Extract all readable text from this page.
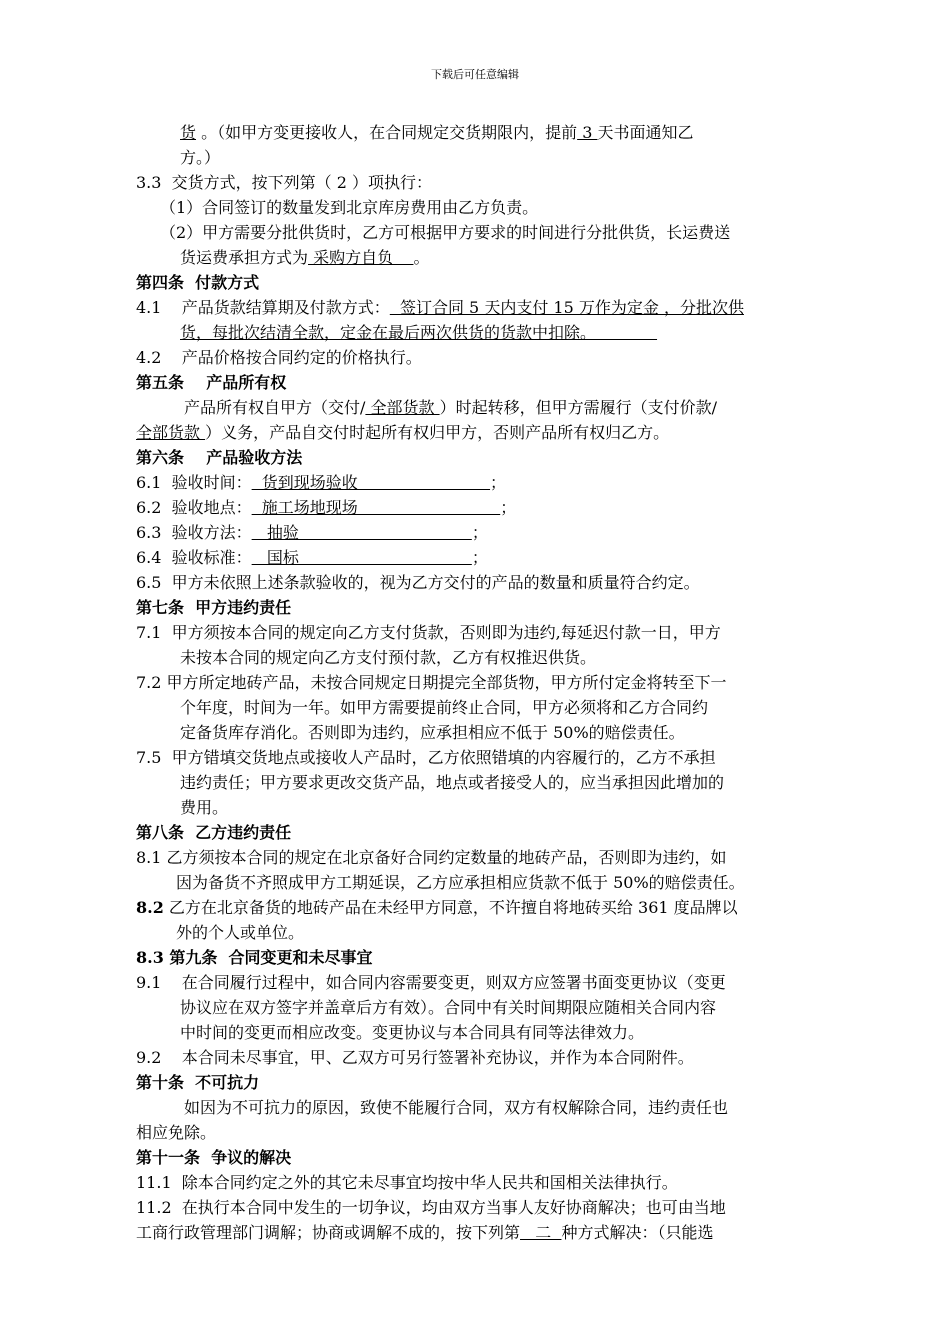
下载后可任意编辑
货 。（如甲方变更接收人，在合同规定交货期限内，提前 3 天书面通知乙
方。）
3.3  交货方式，按下列第（ 2 ）项执行：
（1）合同签订的数量发到北京库房费用由乙方负责。
（2）甲方需要分批供货时，乙方可根据甲方要求的时间进行分批供货，长运费送
货运费承担方式为 采购方自负    。
第四条  付款方式
4.1    产品货款结算期及付款方式：  签订合同 5 天内支付 15 万作为定金 ，分批次供
货，每批次结清全款，定金在最后两次供货的货款中扣除。
4.2    产品价格按合同约定的价格执行。
第五条    产品所有权
产品所有权自甲方（交付/ 全部货款 ）时起转移，但甲方需履行（支付价款/
全部货款 ）义务，产品自交付时起所有权归甲方，否则产品所有权归乙方。
第六条    产品验收方法
6.1  验收时间：  货到现场验收                          ；
6.2  验收地点：  施工场地现场                            ；
6.3  验收方法：   抽验                                  ；
6.4  验收标准：   国标                                  ；
6.5  甲方未依照上述条款验收的，视为乙方交付的产品的数量和质量符合约定。
第七条  甲方违约责任
7.1  甲方须按本合同的规定向乙方支付货款，否则即为违约,每延迟付款一日，甲方
未按本合同的规定向乙方支付预付款，乙方有权推迟供货。
7.2 甲方所定地砖产品，未按合同规定日期提完全部货物，甲方所付定金将转至下一
个年度，时间为一年。如甲方需要提前终止合同，甲方必须将和乙方合同约
定备货库存消化。否则即为违约，应承担相应不低于 50%的赔偿责任。
7.5  甲方错填交货地点或接收人产品时，乙方依照错填的内容履行的，乙方不承担
违约责任；甲方要求更改交货产品，地点或者接受人的，应当承担因此增加的
费用。
第八条  乙方违约责任
8.1 乙方须按本合同的规定在北京备好合同约定数量的地砖产品，否则即为违约，如
因为备货不齐照成甲方工期延误，乙方应承担相应货款不低于 50%的赔偿责任。
8.2 乙方在北京备货的地砖产品在未经甲方同意，不许擅自将地砖买给 361 度品牌以
外的个人或单位。
8.3 第九条  合同变更和未尽事宜
9.1    在合同履行过程中，如合同内容需要变更，则双方应签署书面变更协议（变更
协议应在双方签字并盖章后方有效）。合同中有关时间期限应随相关合同内容
中时间的变更而相应改变。变更协议与本合同具有同等法律效力。
9.2    本合同未尽事宜，甲、乙双方可另行签署补充协议，并作为本合同附件。
第十条  不可抗力
如因为不可抗力的原因，致使不能履行合同，双方有权解除合同，违约责任也
相应免除。
第十一条  争议的解决
11.1  除本合同约定之外的其它未尽事宜均按中华人民共和国相关法律执行。
11.2  在执行本合同中发生的一切争议，均由双方当事人友好协商解决；也可由当地
工商行政管理部门调解；协商或调解不成的，按下列第   二  种方式解决：（只能选
